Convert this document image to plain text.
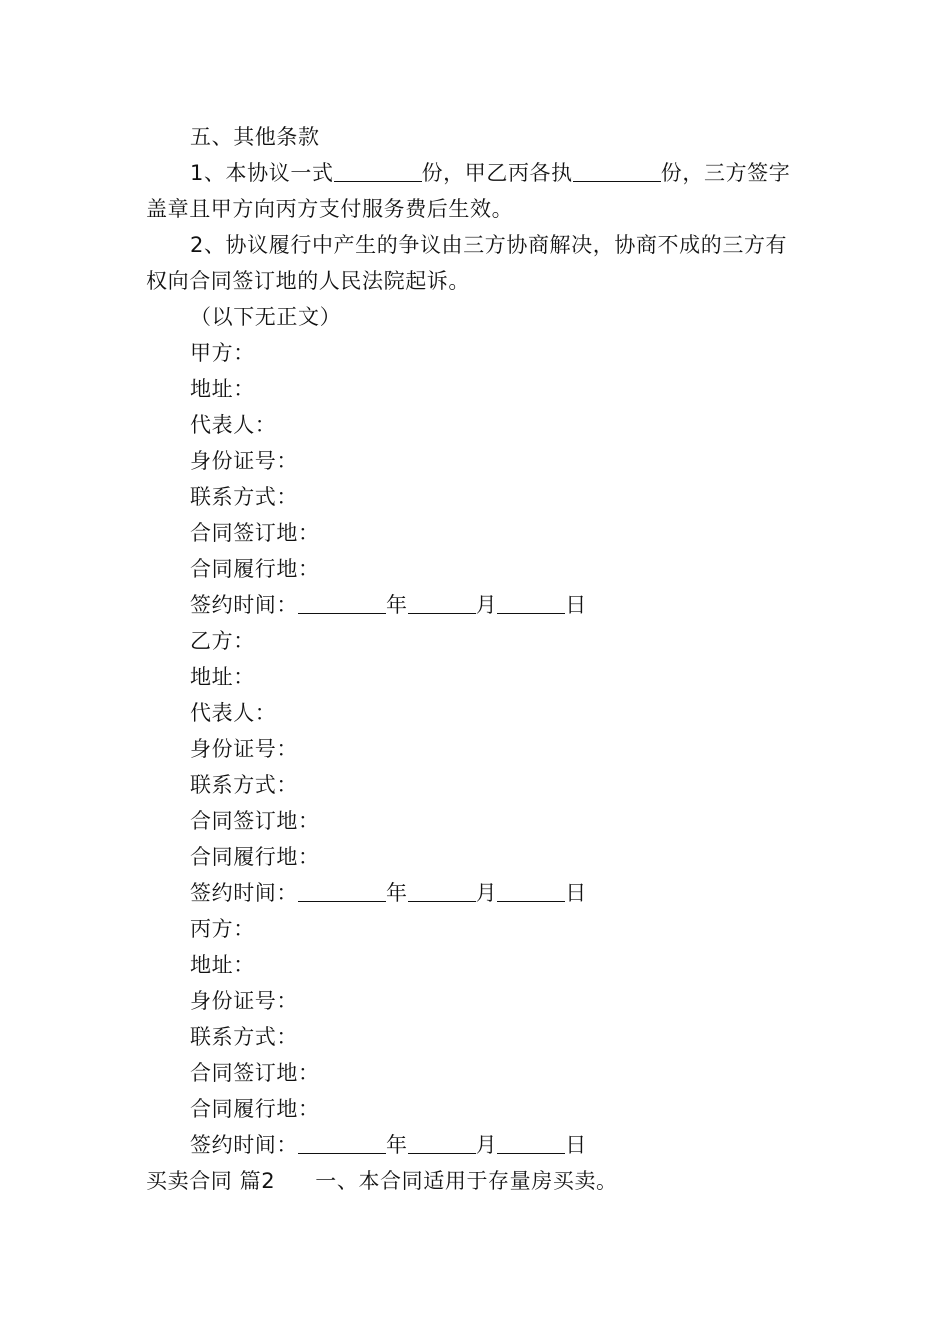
五、其他条款
1、本协议一式	份，甲乙丙各执	份，三方签字
盖章且甲方向丙方支付服务费后生效。
2、协议履行中产生的争议由三方协商解决，协商不成的三方有
权向合同签订地的人民法院起诉。
（以下无正文）
甲方：
地址：
代表人：
身份证号：
联系方式：
合同签订地：
合同履行地：
签约时间：	年	月	日
乙方：
地址：
代表人：
身份证号：
联系方式：
合同签订地：
合同履行地：
签约时间：	年	月	日
丙方：
地址：
身份证号：
联系方式：
合同签订地：
合同履行地：
签约时间：	年	月	日
买卖合同 篇2 一、本合同适用于存量房买卖。
